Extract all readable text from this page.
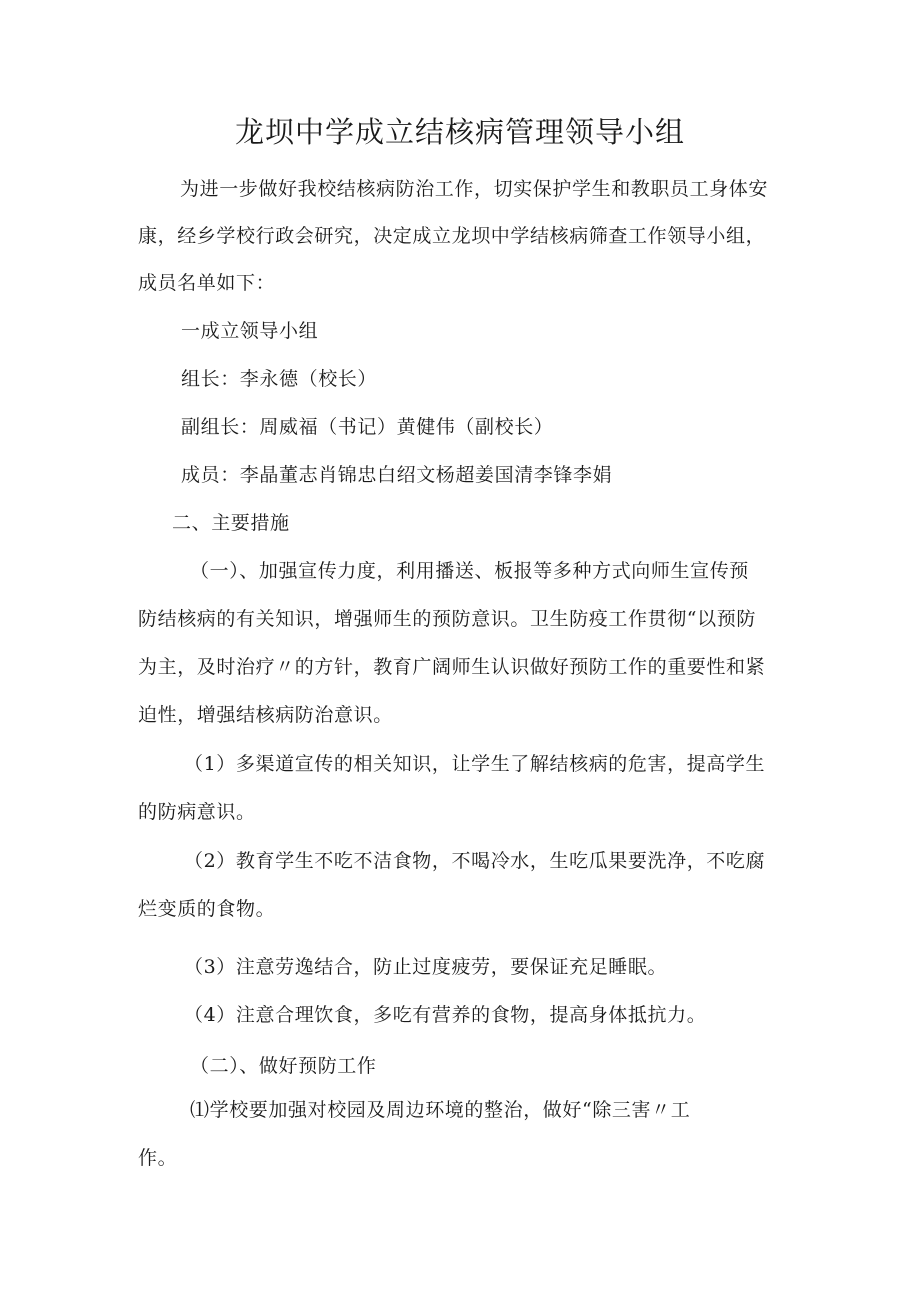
龙坝中学成立结核病管理领导小组
为进一步做好我校结核病防治工作，切实保护学生和教职员工身体安
康，经乡学校行政会研究，决定成立龙坝中学结核病筛查工作领导小组，
成员名单如下：
一成立领导小组
组长：李永德（校长）
副组长：周威福（书记）黄健伟（副校长）
成员：李晶董志肖锦忠白绍文杨超姜国清李锋李娟
二、主要措施
（一）、加强宣传力度，利用播送、板报等多种方式向师生宣传预
防结核病的有关知识，增强师生的预防意识。卫生防疫工作贯彻“以预防
为主，及时治疗〃的方针，教育广阔师生认识做好预防工作的重要性和紧
迫性，增强结核病防治意识。
（1）多渠道宣传的相关知识，让学生了解结核病的危害，提高学生
的防病意识。
（2）教育学生不吃不洁食物，不喝冷水，生吃瓜果要洗净，不吃腐
烂变质的食物。
（3）注意劳逸结合，防止过度疲劳，要保证充足睡眠。
（4）注意合理饮食，多吃有营养的食物，提高身体抵抗力。
（二）、做好预防工作
⑴学校要加强对校园及周边环境的整治，做好“除三害〃工
作。
